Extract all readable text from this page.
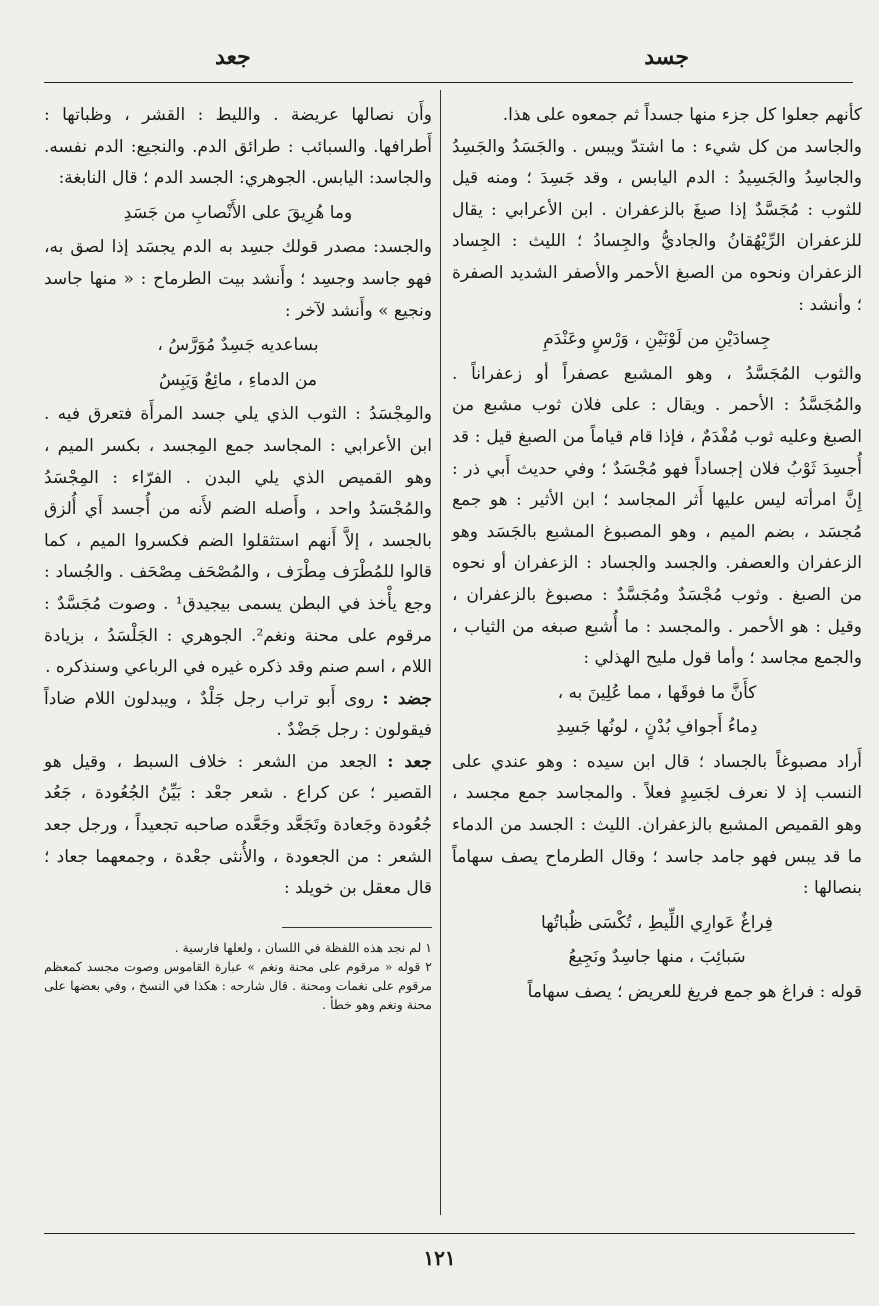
جسد
جعد

كأنهم جعلوا كل جزء منها جسداً ثم جمعوه على هذا.

والجاسد من كل شيء : ما اشتدّ ويبس . والجَسَدُ والجَسِدُ والجاسِدُ والجَسِيدُ : الدم اليابس ، وقد جَسِدَ ؛ ومنه قيل للثوب : مُجَسَّدٌ إذا صبغَ بالزعفران . ابن الأعرابي : يقال للزعفران الرِّيْهُقانُ والجاديُّ والجِسادُ ؛ الليث : الجِساد الزعفران ونحوه من الصبغ الأحمر والأصفر الشديد الصفرة ؛ وأنشد :

جِسادَيْنِ من لَوْنَيْنِ ، وَرْسٍ وعَنْدَمِ

والثوب المُجَسَّدُ ، وهو المشبع عصفراً أو زعفراناً . والمُجَسَّدُ : الأحمر . ويقال : على فلان ثوب مشبع من الصبغ وعليه ثوب مُفْدَمٌ ، فإذا قام قياماً من الصبغ قيل : قد أُجسِدَ ثَوْبُ فلان إجساداً فهو مُجْسَدٌ ؛ وفي حديث أَبي ذر : إِنَّ امرأته ليس عليها أَثر المجاسد ؛ ابن الأثير : هو جمع مُجسَد ، بضم الميم ، وهو المصبوغ المشبع بالجَسَد وهو الزعفران والعصفر. والجسد والجساد : الزعفران أو نحوه من الصبغ . وثوب مُجْسَدٌ ومُجَسَّدٌ : مصبوغ بالزعفران ، وقيل : هو الأحمر . والمجسد : ما أُشبع صبغه من الثياب ، والجمع مجاسد ؛ وأما قول مليح الهذلي :

كأَنَّ ما فوقَها ، مما عُلِينَ به ،

دِماءُ أَجوافِ بُدْنٍ ، لونُها جَسِدِ

أَراد مصبوغاً بالجساد ؛ قال ابن سيده : وهو عندي على النسب إذ لا نعرف لجَسِدٍ فعلاً . والمجاسد جمع مجسد ، وهو القميص المشبع بالزعفران. الليث : الجسد من الدماء ما قد يبس فهو جامد جاسد ؛ وقال الطرماح يصف سهاماً بنصالها :

فِراغٌ عَوارِي اللِّيطِ ، تُكْسَى ظُباتُها

سَبائِبَ ، منها جاسِدٌ ونَجِيعُ

قوله : فراغ هو جمع فريغ للعريض ؛ يصف سهاماً

وأَن نصالها عريضة . والليط : القشر ، وظباتها : أَطرافها. والسبائب : طرائق الدم. والنجيع: الدم نفسه. والجاسد: اليابس. الجوهري: الجسد الدم ؛ قال النابغة:

وما هُرِيقَ على الأَنْصابِ من جَسَدِ

والجسد: مصدر قولك جسِد به الدم يجسَد إذا لصق به، فهو جاسد وجسِد ؛ وأَنشد بيت الطرماح : « منها جاسد ونجيع » وأَنشد لآخر :

بساعديه جَسِدٌ مُوَرَّسُ ،

من الدماءِ ، مائِعٌ وَيَبِسُ

والمِجْسَدُ : الثوب الذي يلي جسد المرأَة فتعرق فيه . ابن الأعرابي : المجاسد جمع المِجسد ، بكسر الميم ، وهو القميص الذي يلي البدن . الفرّاء : المِجْسَدُ والمُجْسَدُ واحد ، وأَصله الضم لأَنه من أُجسد أَي أُلزق بالجسد ، إلاَّ أَنهم استثقلوا الضم فكسروا الميم ، كما قالوا للمُطْرَف مِطْرَف ، والمُصْحَف مِصْحَف . والجُساد : وجع يأْخذ في البطن يسمى بيجيدق¹ . وصوت مُجَسَّدٌ : مرقوم على محنة ونغم². الجوهري : الجَلْسَدُ ، بزيادة اللام ، اسم صنم وقد ذكره غيره في الرباعي وسنذكره .

جضد : روى أَبو تراب رجل جَلْدٌ ، ويبدلون اللام ضاداً فيقولون : رجل جَضْدٌ .

جعد : الجعد من الشعر : خلاف السبط ، وقيل هو القصير ؛ عن كراع . شعر جعْد : بَيِّنُ الجُعُودة ، جَعُد جُعُودة وجَعادة وتَجَعَّد وجَعَّده صاحبه تجعيداً ، ورجل جعد الشعر : من الجعودة ، والأُنثى جعْدة ، وجمعهما جعاد ؛ قال معقل بن خويلد :

١ لم نجد هذه اللفظة في اللسان ، ولعلها فارسية .

٢ قوله « مرقوم على محنة ونغم » عبارة القاموس وصوت مجسد كمعظم مرقوم على نغمات ومحنة . قال شارحه : هكذا في النسخ ، وفي بعضها على محنة ونغم وهو خطأ .

١٢١
